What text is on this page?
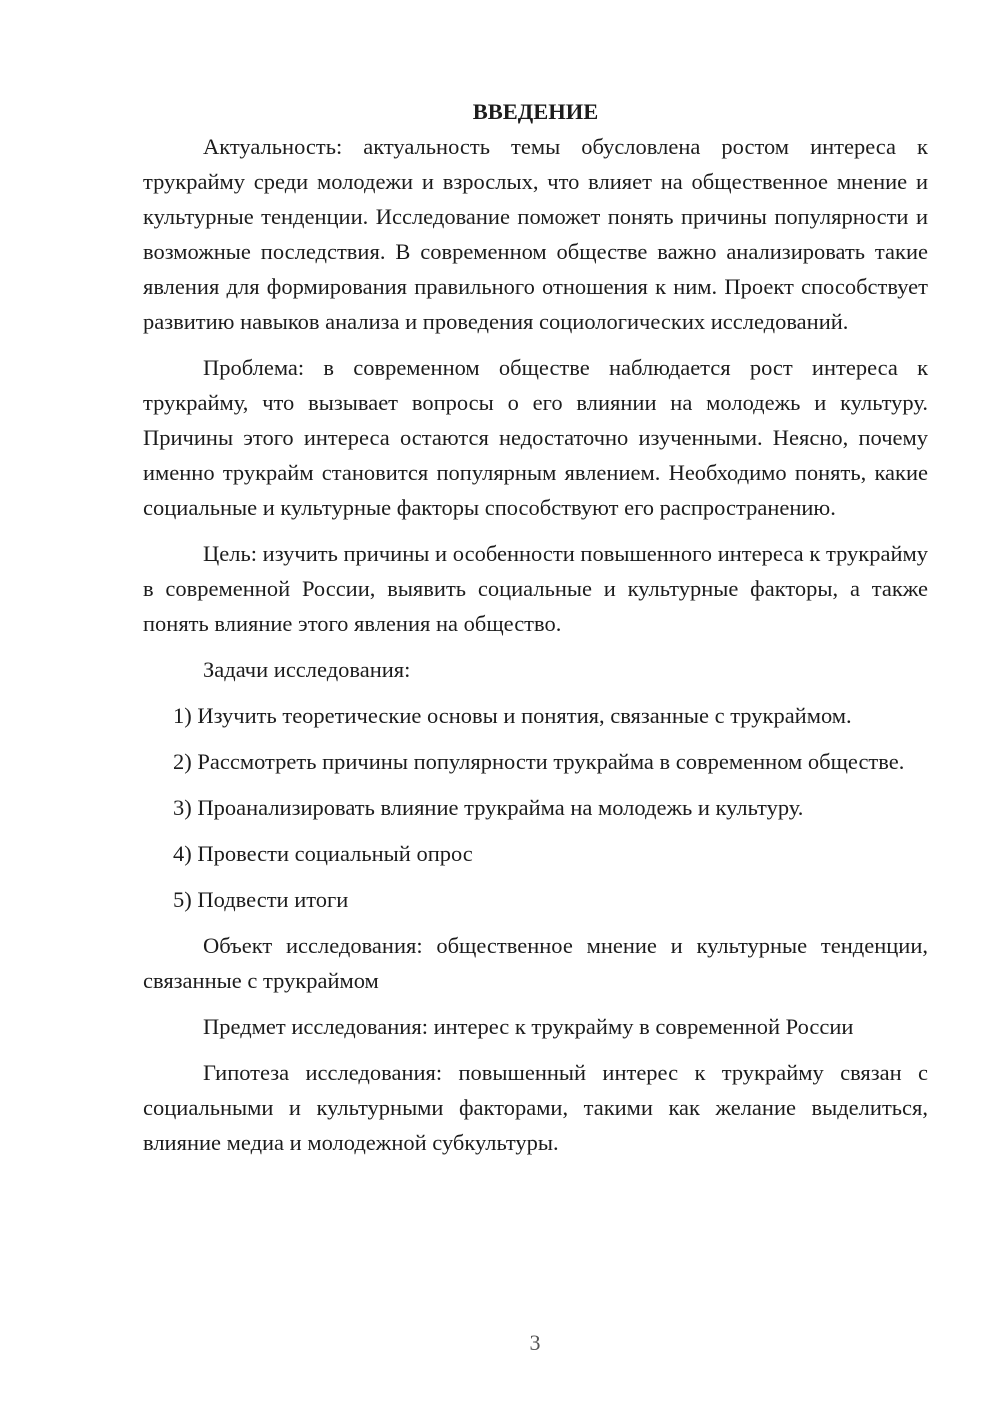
ВВЕДЕНИЕ

Актуальность: актуальность темы обусловлена ростом интереса к трукрайму среди молодежи и взрослых, что влияет на общественное мнение и культурные тенденции. Исследование поможет понять причины популярности и возможные последствия. В современном обществе важно анализировать такие явления для формирования правильного отношения к ним. Проект способствует развитию навыков анализа и проведения социологических исследований.

Проблема: в современном обществе наблюдается рост интереса к трукрайму, что вызывает вопросы о его влиянии на молодежь и культуру. Причины этого интереса остаются недостаточно изученными. Неясно, почему именно трукрайм становится популярным явлением. Необходимо понять, какие социальные и культурные факторы способствуют его распространению.

Цель: изучить причины и особенности повышенного интереса к трукрайму в современной России, выявить социальные и культурные факторы, а также понять влияние этого явления на общество.

Задачи исследования:

1) Изучить теоретические основы и понятия, связанные с трукраймом.

2) Рассмотреть причины популярности трукрайма в современном обществе.

3) Проанализировать влияние трукрайма на молодежь и культуру.

4) Провести социальный опрос

5) Подвести итоги

Объект исследования: общественное мнение и культурные тенденции, связанные с трукраймом

Предмет исследования: интерес к трукрайму в современной России

Гипотеза исследования: повышенный интерес к трукрайму связан с социальными и культурными факторами, такими как желание выделиться, влияние медиа и молодежной субкультуры.

3
